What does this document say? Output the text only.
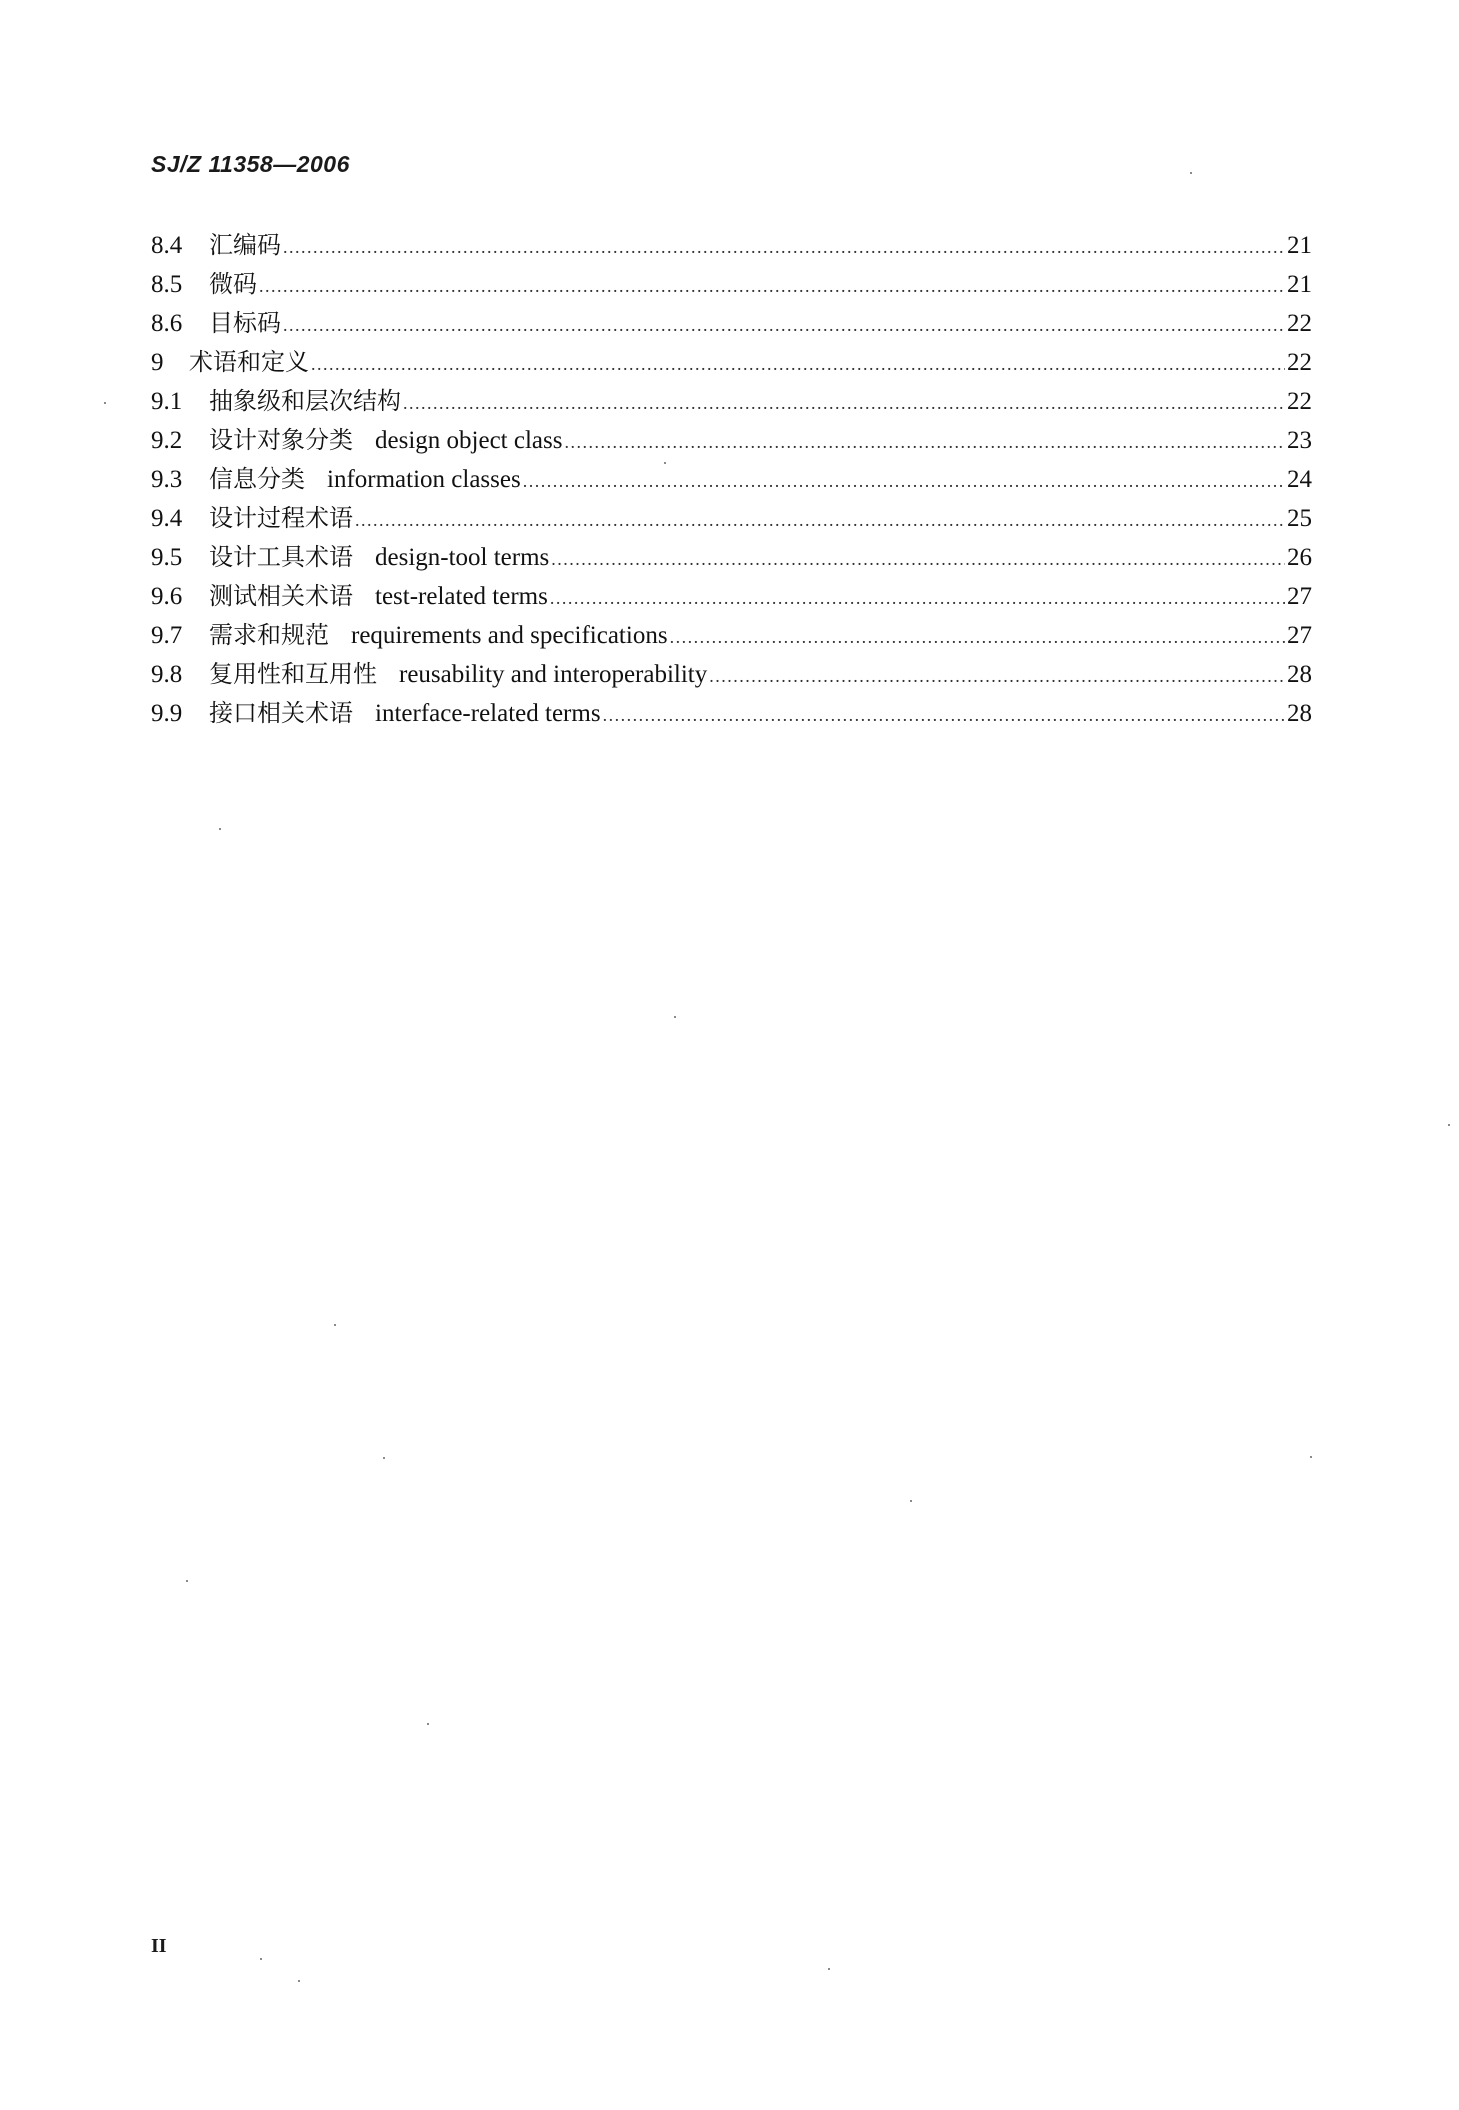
SJ/Z 11358—2006
8.4	汇编码 .....	21
8.5	微码 .....	21
8.6	目标码 .....	22
9	术语和定义 .....	22
9.1	抽象级和层次结构 .....	22
9.2	设计对象分类 design object class .....	23
9.3	信息分类 information classes .....	24
9.4	设计过程术语 .....	25
9.5	设计工具术语 design-tool terms .....	26
9.6	测试相关术语 test-related terms .....	27
9.7	需求和规范 requirements and specifications .....	27
9.8	复用性和互用性 reusability and interoperability .....	28
9.9	接口相关术语 interface-related terms .....	28
II
